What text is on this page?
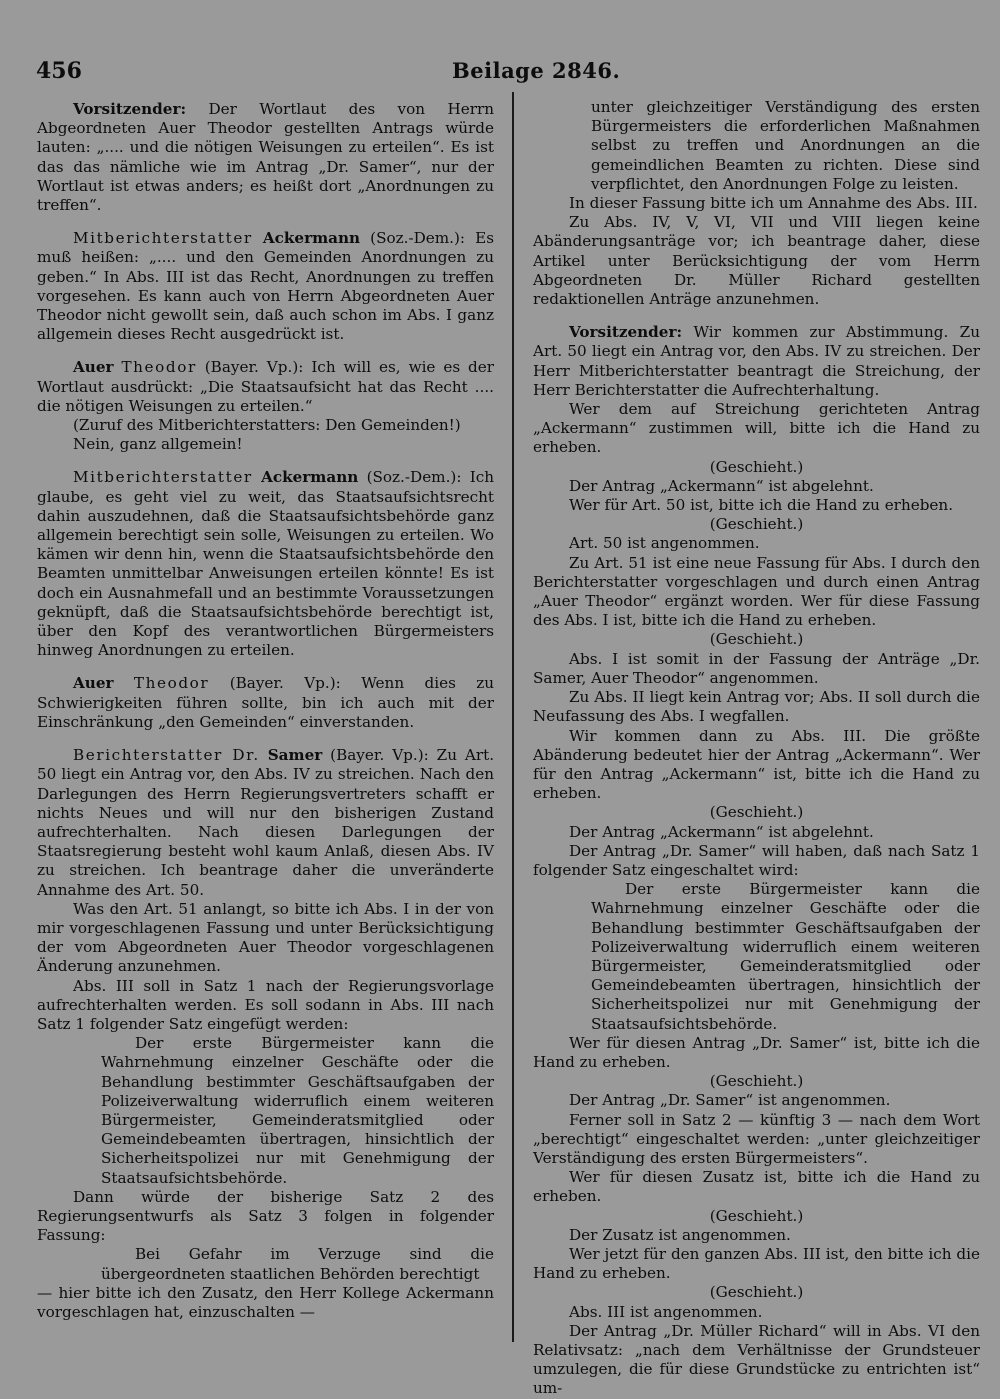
456	Beilage 2846.

Vorsitzender: Der Wortlaut des von Herrn Abgeordneten Auer Theodor gestellten Antrags würde lauten: „.... und die nötigen Weisungen zu erteilen“. Es ist das das nämliche wie im Antrag „Dr. Samer“, nur der Wortlaut ist etwas anders; es heißt dort „Anordnungen zu treffen“.

Mitberichterstatter Ackermann (Soz.-Dem.): Es muß heißen: „.... und den Gemeinden Anordnungen zu geben.“ In Abs. III ist das Recht, Anordnungen zu treffen vorgesehen. Es kann auch von Herrn Abgeordneten Auer Theodor nicht gewollt sein, daß auch schon im Abs. I ganz allgemein dieses Recht ausgedrückt ist.

Auer Theodor (Bayer. Vp.): Ich will es, wie es der Wortlaut ausdrückt: „Die Staatsaufsicht hat das Recht .... die nötigen Weisungen zu erteilen.“

(Zuruf des Mitberichterstatters: Den Gemeinden!)

Nein, ganz allgemein!

Mitberichterstatter Ackermann (Soz.-Dem.): Ich glaube, es geht viel zu weit, das Staatsaufsichtsrecht dahin auszudehnen, daß die Staatsaufsichtsbehörde ganz allgemein berechtigt sein solle, Weisungen zu erteilen. Wo kämen wir denn hin, wenn die Staatsaufsichtsbehörde den Beamten unmittelbar Anweisungen erteilen könnte! Es ist doch ein Ausnahmefall und an bestimmte Voraussetzungen geknüpft, daß die Staatsaufsichtsbehörde berechtigt ist, über den Kopf des verantwortlichen Bürgermeisters hinweg Anordnungen zu erteilen.

Auer Theodor (Bayer. Vp.): Wenn dies zu Schwierigkeiten führen sollte, bin ich auch mit der Einschränkung „den Gemeinden“ einverstanden.

Berichterstatter Dr. Samer (Bayer. Vp.): Zu Art. 50 liegt ein Antrag vor, den Abs. IV zu streichen. Nach den Darlegungen des Herrn Regierungsvertreters schafft er nichts Neues und will nur den bisherigen Zustand aufrechterhalten. Nach diesen Darlegungen der Staatsregierung besteht wohl kaum Anlaß, diesen Abs. IV zu streichen. Ich beantrage daher die unveränderte Annahme des Art. 50.

Was den Art. 51 anlangt, so bitte ich Abs. I in der von mir vorgeschlagenen Fassung und unter Berücksichtigung der vom Abgeordneten Auer Theodor vorgeschlagenen Änderung anzunehmen.

Abs. III soll in Satz 1 nach der Regierungsvorlage aufrechterhalten werden. Es soll sodann in Abs. III nach Satz 1 folgender Satz eingefügt werden:

Der erste Bürgermeister kann die Wahrnehmung einzelner Geschäfte oder die Behandlung bestimmter Geschäftsaufgaben der Polizeiverwaltung widerruflich einem weiteren Bürgermeister, Gemeinderatsmitglied oder Gemeindebeamten übertragen, hinsichtlich der Sicherheitspolizei nur mit Genehmigung der Staatsaufsichtsbehörde.

Dann würde der bisherige Satz 2 des Regierungsentwurfs als Satz 3 folgen in folgender Fassung:

Bei Gefahr im Verzuge sind die übergeordneten staatlichen Behörden berechtigt

— hier bitte ich den Zusatz, den Herr Kollege Ackermann vorgeschlagen hat, einzuschalten —

unter gleichzeitiger Verständigung des ersten Bürgermeisters die erforderlichen Maßnahmen selbst zu treffen und Anordnungen an die gemeindlichen Beamten zu richten. Diese sind verpflichtet, den Anordnungen Folge zu leisten.

In dieser Fassung bitte ich um Annahme des Abs. III.

Zu Abs. IV, V, VI, VII und VIII liegen keine Abänderungsanträge vor; ich beantrage daher, diese Artikel unter Berücksichtigung der vom Herrn Abgeordneten Dr. Müller Richard gestellten redaktionellen Anträge anzunehmen.

Vorsitzender: Wir kommen zur Abstimmung. Zu Art. 50 liegt ein Antrag vor, den Abs. IV zu streichen. Der Herr Mitberichterstatter beantragt die Streichung, der Herr Berichterstatter die Aufrechterhaltung.

Wer dem auf Streichung gerichteten Antrag „Ackermann“ zustimmen will, bitte ich die Hand zu erheben.

(Geschieht.)

Der Antrag „Ackermann“ ist abgelehnt.

Wer für Art. 50 ist, bitte ich die Hand zu erheben.

(Geschieht.)

Art. 50 ist angenommen.

Zu Art. 51 ist eine neue Fassung für Abs. I durch den Berichterstatter vorgeschlagen und durch einen Antrag „Auer Theodor“ ergänzt worden. Wer für diese Fassung des Abs. I ist, bitte ich die Hand zu erheben.

(Geschieht.)

Abs. I ist somit in der Fassung der Anträge „Dr. Samer, Auer Theodor“ angenommen.

Zu Abs. II liegt kein Antrag vor; Abs. II soll durch die Neufassung des Abs. I wegfallen.

Wir kommen dann zu Abs. III. Die größte Abänderung bedeutet hier der Antrag „Ackermann“. Wer für den Antrag „Ackermann“ ist, bitte ich die Hand zu erheben.

(Geschieht.)

Der Antrag „Ackermann“ ist abgelehnt.

Der Antrag „Dr. Samer“ will haben, daß nach Satz 1 folgender Satz eingeschaltet wird:

Der erste Bürgermeister kann die Wahrnehmung einzelner Geschäfte oder die Behandlung bestimmter Geschäftsaufgaben der Polizeiverwaltung widerruflich einem weiteren Bürgermeister, Gemeinderatsmitglied oder Gemeindebeamten übertragen, hinsichtlich der Sicherheitspolizei nur mit Genehmigung der Staatsaufsichtsbehörde.

Wer für diesen Antrag „Dr. Samer“ ist, bitte ich die Hand zu erheben.

(Geschieht.)

Der Antrag „Dr. Samer“ ist angenommen.

Ferner soll in Satz 2 — künftig 3 — nach dem Wort „berechtigt“ eingeschaltet werden: „unter gleichzeitiger Verständigung des ersten Bürgermeisters“.

Wer für diesen Zusatz ist, bitte ich die Hand zu erheben.

(Geschieht.)

Der Zusatz ist angenommen.

Wer jetzt für den ganzen Abs. III ist, den bitte ich die Hand zu erheben.

(Geschieht.)

Abs. III ist angenommen.

Der Antrag „Dr. Müller Richard“ will in Abs. VI den Relativsatz: „nach dem Verhältnisse der Grundsteuer umzulegen, die für diese Grundstücke zu entrichten ist“ um-
